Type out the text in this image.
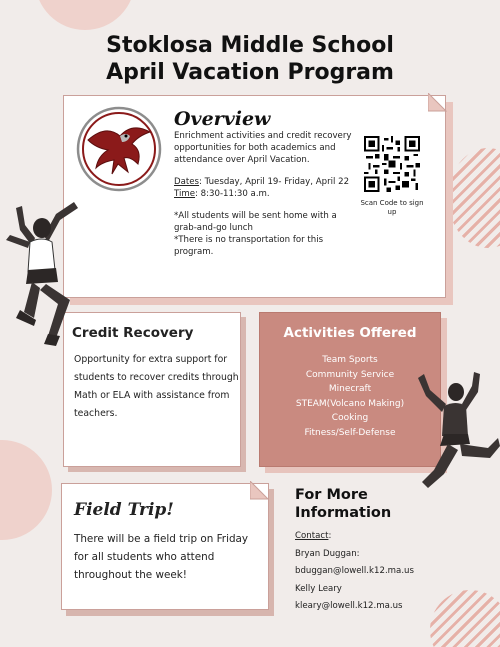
Stoklosa Middle School
April Vacation Program
Overview

Enrichment activities and credit recovery opportunities for both academics and attendance over April Vacation.

Dates: Tuesday, April 19- Friday, April 22

Time: 8:30-11:30 a.m.

*All students will be sent home with a grab-and-go lunch
*There is no transportation for this program.
Scan Code to sign up
Credit Recovery
Opportunity for extra support for students to recover credits through Math or ELA with assistance from teachers.
Activities Offered
Team Sports
Community Service
Minecraft
STEAM(Volcano Making)
Cooking
Fitness/Self-Defense
Field Trip!
There will be a field trip on Friday for all students who attend throughout the week!
For More Information
Contact:
Bryan Duggan:
bduggan@lowell.k12.ma.us
Kelly Leary
kleary@lowell.k12.ma.us
